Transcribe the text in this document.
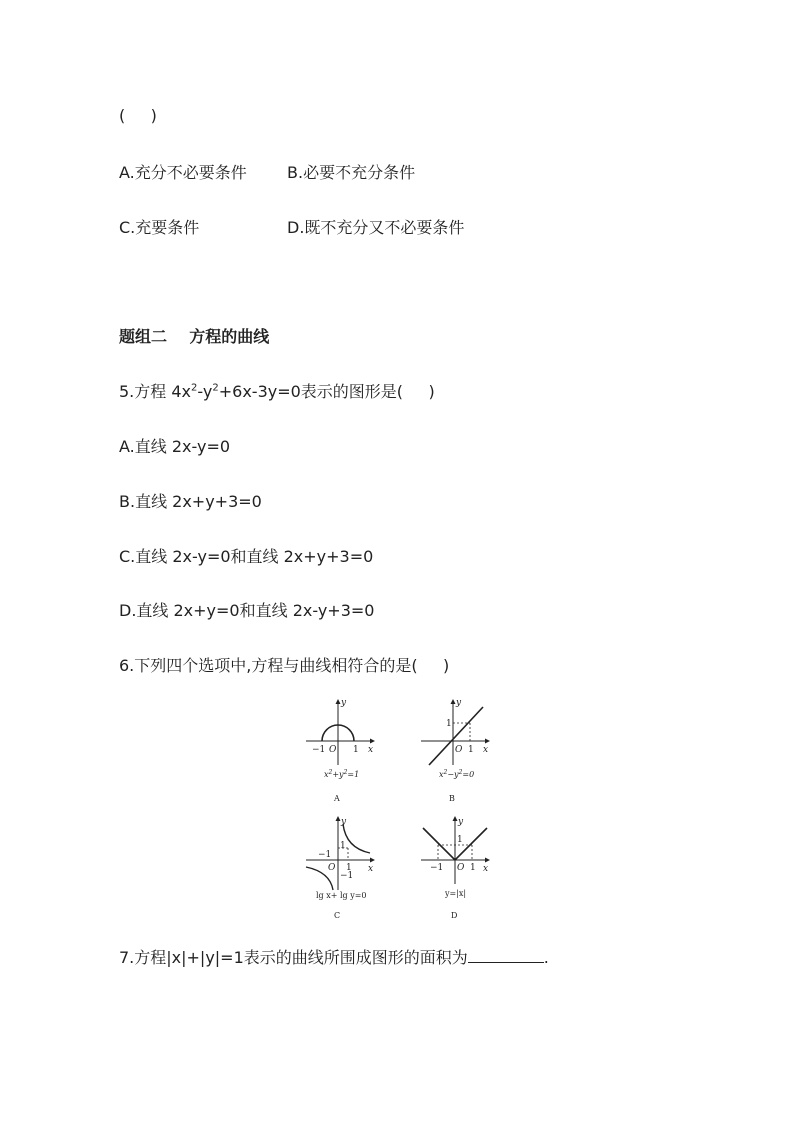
(     )
A.充分不必要条件	B.必要不充分条件
C.充要条件	D.既不充分又不必要条件
题组二    方程的曲线
5.方程 $4x^2-y^2+6x-3y=0$表示的图形是(     )
A.直线 2x-y=0
B.直线 2x+y+3=0
C.直线 2x-y=0和直线 2x+y+3=0
D.直线 2x+y=0和直线 2x-y+3=0
6.下列四个选项中,方程与曲线相符合的是(     )
y
x
−1 O 1
$x^2+y^2=1$
A
y
x
1
O 1
$x^2-y^2=0$
B
y
x
−1
1
O 1
−1
lg x+ lg y=0
C
y
x
1
−1 O 1
y=|x|
D
7.方程|x|+|y|=1表示的曲线所围成图形的面积为	.
